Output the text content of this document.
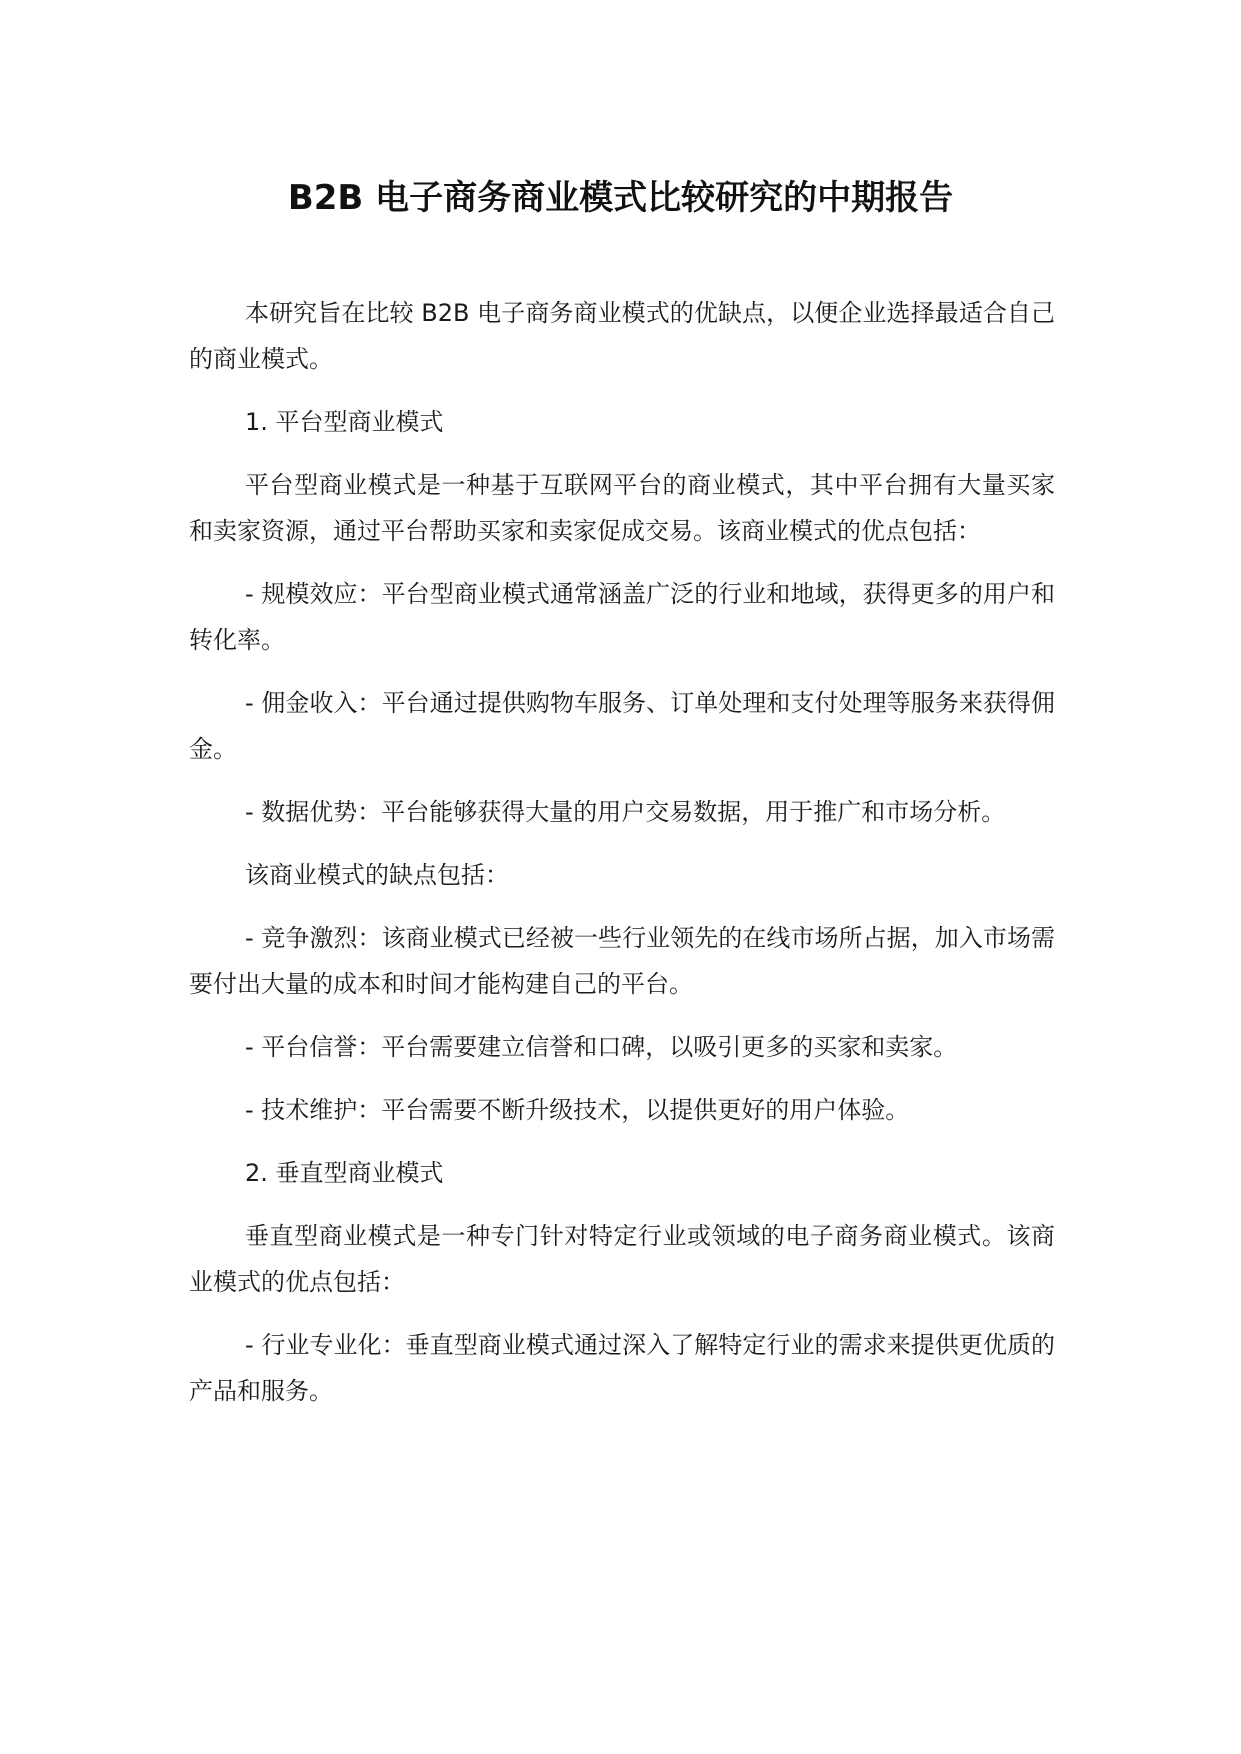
B2B 电子商务商业模式比较研究的中期报告

本研究旨在比较 B2B 电子商务商业模式的优缺点，以便企业选择最适合自己的商业模式。

1. 平台型商业模式

平台型商业模式是一种基于互联网平台的商业模式，其中平台拥有大量买家和卖家资源，通过平台帮助买家和卖家促成交易。该商业模式的优点包括：

- 规模效应：平台型商业模式通常涵盖广泛的行业和地域，获得更多的用户和转化率。

- 佣金收入：平台通过提供购物车服务、订单处理和支付处理等服务来获得佣金。

- 数据优势：平台能够获得大量的用户交易数据，用于推广和市场分析。

该商业模式的缺点包括：

- 竞争激烈：该商业模式已经被一些行业领先的在线市场所占据，加入市场需要付出大量的成本和时间才能构建自己的平台。

- 平台信誉：平台需要建立信誉和口碑，以吸引更多的买家和卖家。

- 技术维护：平台需要不断升级技术，以提供更好的用户体验。

2. 垂直型商业模式

垂直型商业模式是一种专门针对特定行业或领域的电子商务商业模式。该商业模式的优点包括：

- 行业专业化：垂直型商业模式通过深入了解特定行业的需求来提供更优质的产品和服务。
